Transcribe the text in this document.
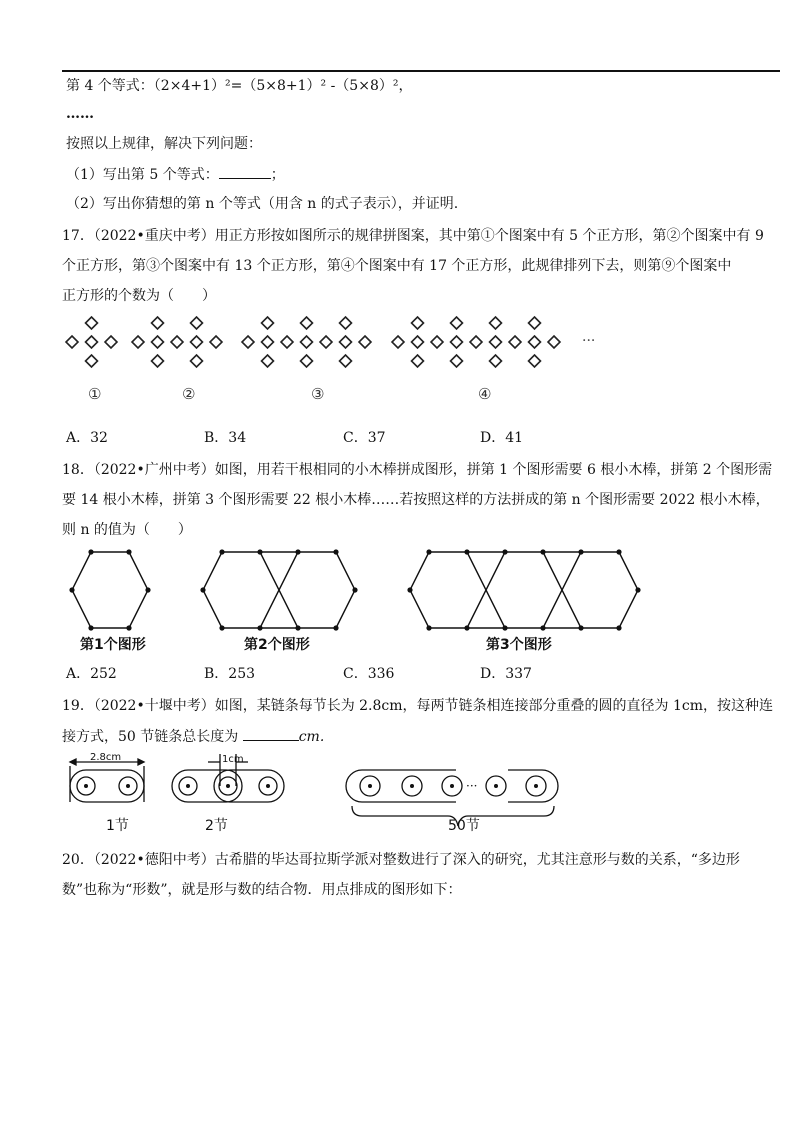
第 4 个等式：（2×4+1）²=（5×8+1）² -（5×8）²，
……
按照以上规律，解决下列问题：
（1）写出第 5 个等式：	；
（2）写出你猜想的第 n 个等式（用含 n 的式子表示），并证明.
17．（2022•重庆中考）用正方形按如图所示的规律拼图案，其中第①个图案中有 5 个正方形，第②个图案中有 9
个正方形，第③个图案中有 13 个正方形，第④个图案中有 17 个正方形，此规律排列下去，则第⑨个图案中
正方形的个数为（　　）
···
①	②	③	④
第1个图形	第2个图形	第3个图形
2.8cm	1cm
···
1节	2节	50节
A．32	B．34	C．37	D．41
18．（2022•广州中考）如图，用若干根相同的小木棒拼成图形，拼第 1 个图形需要 6 根小木棒，拼第 2 个图形需
要 14 根小木棒，拼第 3 个图形需要 22 根小木棒……若按照这样的方法拼成的第 n 个图形需要 2022 根小木棒，
则 n 的值为（　　）
A．252	B．253	C．336	D．337
19．（2022•十堰中考）如图，某链条每节长为 2.8cm，每两节链条相连接部分重叠的圆的直径为 1cm，按这种连
接方式，50 节链条总长度为	cm.
20．（2022•德阳中考）古希腊的毕达哥拉斯学派对整数进行了深入的研究，尤其注意形与数的关系，“多边形
数”也称为“形数”，就是形与数的结合物．用点排成的图形如下：
